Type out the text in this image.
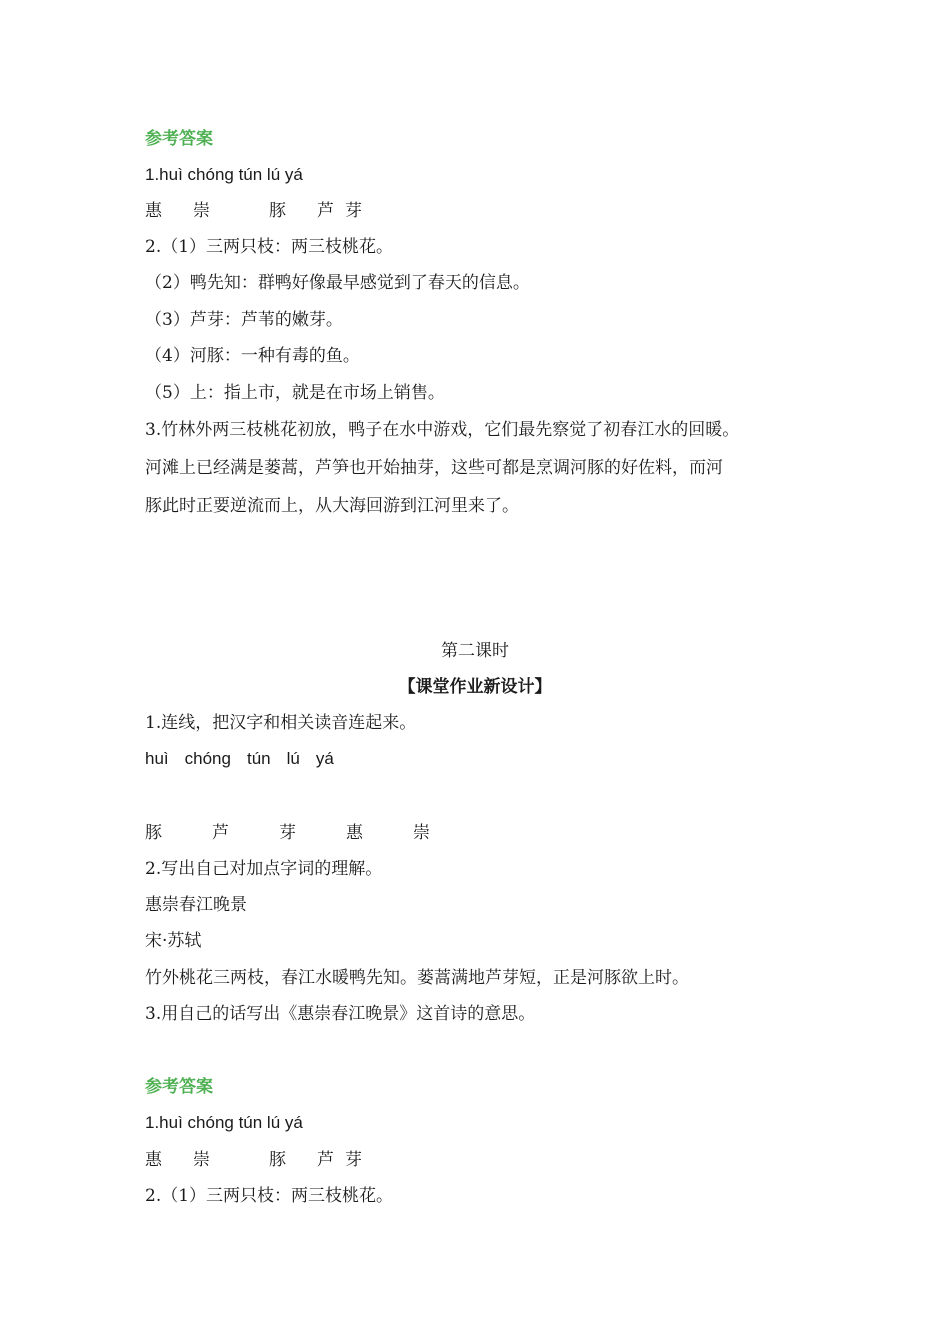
参考答案
1.huì chóng tún lú yá
惠 崇	豚 芦 芽
2.（1）三两只枝：两三枝桃花。
（2）鸭先知：群鸭好像最早感觉到了春天的信息。
（3）芦芽：芦苇的嫩芽。
（4）河豚：一种有毒的鱼。
（5）上：指上市，就是在市场上销售。
3.竹林外两三枝桃花初放，鸭子在水中游戏，它们最先察觉了初春江水的回暖。
河滩上已经满是蒌蒿，芦笋也开始抽芽，这些可都是烹调河豚的好佐料，而河
豚此时正要逆流而上，从大海回游到江河里来了。
第二课时
【课堂作业新设计】
1.连线，把汉字和相关读音连起来。
huì chóng tún lú yá
豚	芦	芽	惠	崇
2.写出自己对加点字词的理解。
惠崇春江晚景
宋·苏轼
竹外桃花三两枝，春江水暖鸭先知。蒌蒿满地芦芽短，正是河豚欲上时。
3.用自己的话写出《惠崇春江晚景》这首诗的意思。
参考答案
1.huì chóng tún lú yá
惠 崇	豚 芦 芽
2.（1）三两只枝：两三枝桃花。
